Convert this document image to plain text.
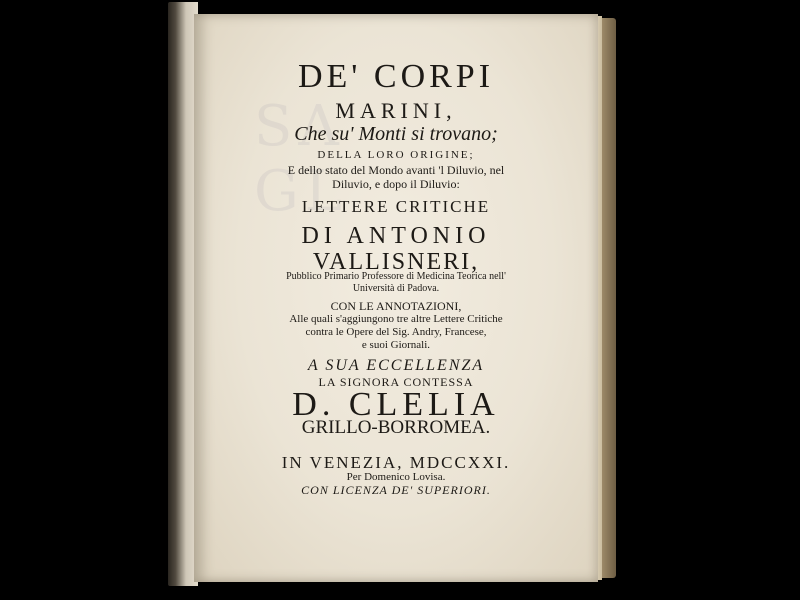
SA
GL
DE' CORPI
MARINI,
Che su' Monti si trovano;
DELLA LORO ORIGINE;
E dello stato del Mondo avanti 'l Diluvio, nel
Diluvio, e dopo il Diluvio:
LETTERE CRITICHE
DI ANTONIO
VALLISNERI,
Pubblico Primario Professore di Medicina Teorica nell'
Università di Padova.
CON LE ANNOTAZIONI,
Alle quali s'aggiungono tre altre Lettere Critiche
contra le Opere del Sig. Andry, Francese,
e suoi Giornali.
A SUA ECCELLENZA
LA SIGNORA CONTESSA
D. CLELIA
GRILLO-BORROMEA.
IN VENEZIA, MDCCXXI.
Per Domenico Lovisa.
CON LICENZA DE' SUPERIORI.
